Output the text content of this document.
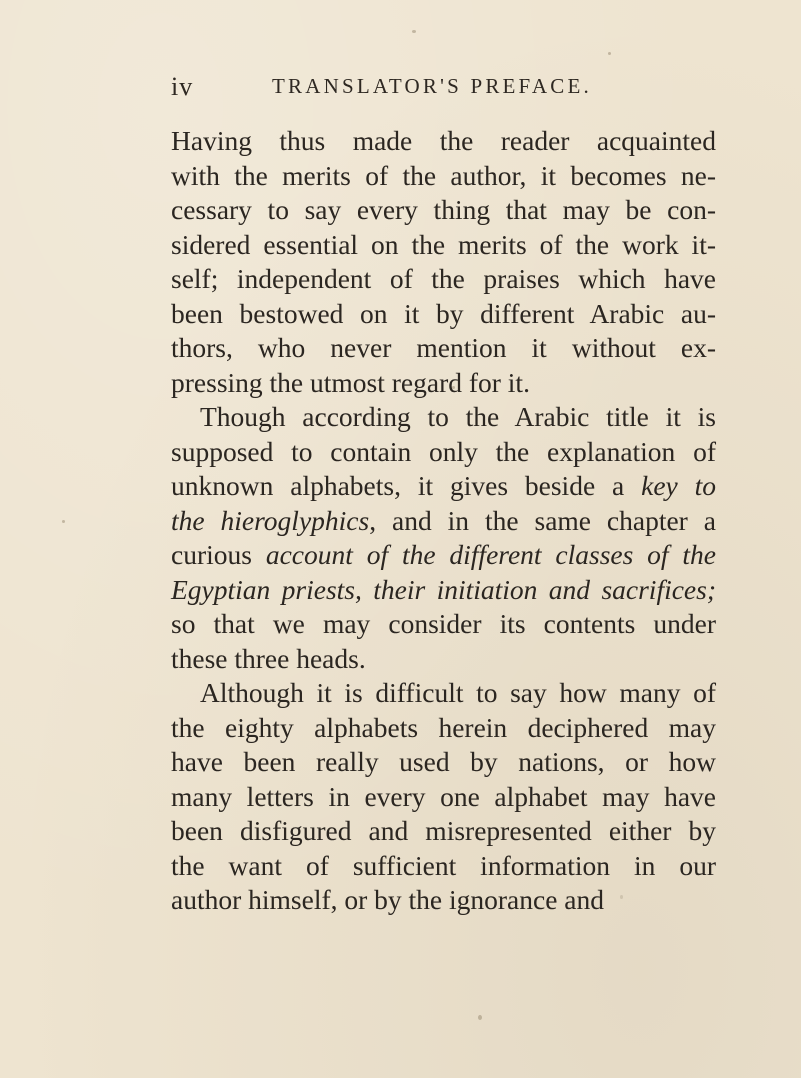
iv	TRANSLATOR'S PREFACE.
Having thus made the reader acquainted
with the merits of the author, it becomes ne-
cessary to say every thing that may be con-
sidered essential on the merits of the work it-
self; independent of the praises which have
been bestowed on it by different Arabic au-
thors, who never mention it without ex-
pressing the utmost regard for it.
Though according to the Arabic title it is
supposed to contain only the explanation of
unknown alphabets, it gives beside a key to
the hieroglyphics, and in the same chapter a
curious account of the different classes of the
Egyptian priests, their initiation and sacrifices;
so that we may consider its contents under
these three heads.
Although it is difficult to say how many of
the eighty alphabets herein deciphered may
have been really used by nations, or how
many letters in every one alphabet may have
been disfigured and misrepresented either by
the want of sufficient information in our
author himself, or by the ignorance and
